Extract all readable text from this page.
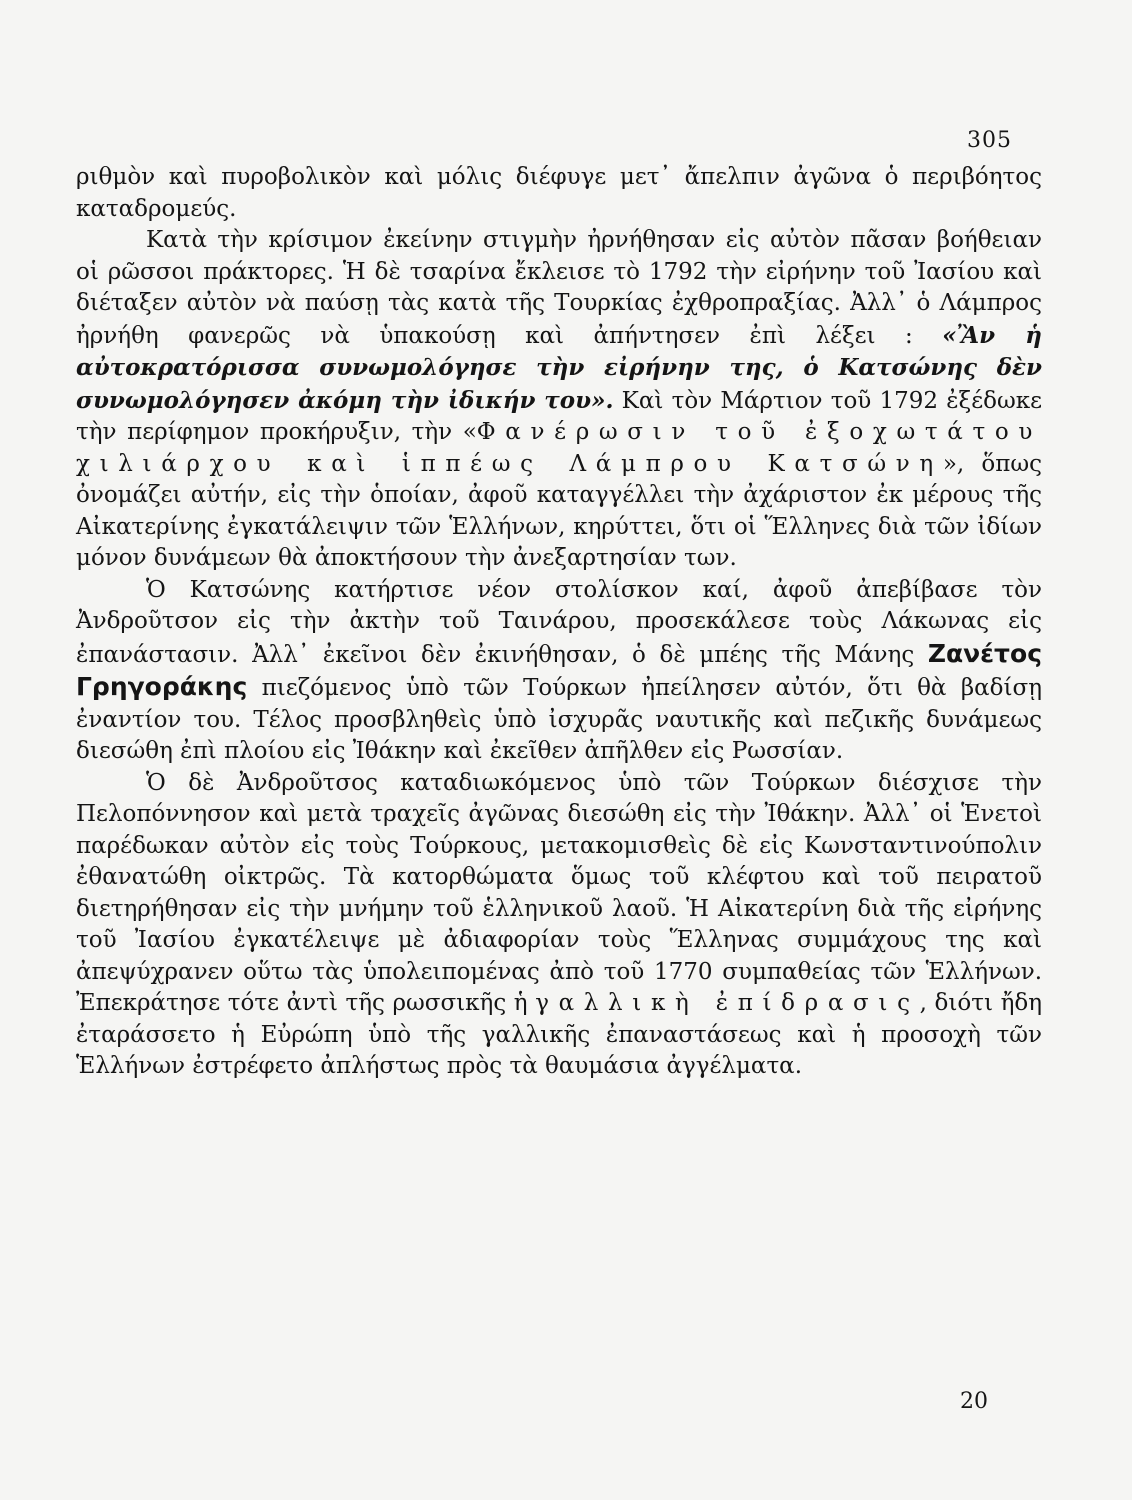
305

ριθμὸν καὶ πυροβολικὸν καὶ μόλις διέφυγε μετ᾽ ἄπελπιν ἀγῶνα ὁ περιβόητος καταδρομεύς.

Κατὰ τὴν κρίσιμον ἐκείνην στιγμὴν ἠρνήθησαν εἰς αὐτὸν πᾶσαν βοήθειαν οἱ ρῶσσοι πράκτορες. Ἡ δὲ τσαρίνα ἔκλεισε τὸ 1792 τὴν εἰρήνην τοῦ Ἰασίου καὶ διέταξεν αὐτὸν νὰ παύσῃ τὰς κατὰ τῆς Τουρκίας ἐχθροπραξίας. Ἀλλ᾽ ὁ Λάμπρος ἠρνήθη φανερῶς νὰ ὑπακούσῃ καὶ ἀπήντησεν ἐπὶ λέξει : «Ἂν ἡ αὐτοκρατόρισσα συνωμολόγησε τὴν εἰρήνην της, ὁ Κατσώνης δὲν συνωμολόγησεν ἀκόμη τὴν ἰδικήν του». Καὶ τὸν Μάρτιον τοῦ 1792 ἐξέδωκε τὴν περίφημον προκήρυξιν, τὴν «Φανέρωσιν τοῦ ἐξοχωτάτου χιλιάρχου καὶ ἱππέως Λάμπρου Κατσώνη», ὅπως ὀνομάζει αὐτήν, εἰς τὴν ὁποίαν, ἀφοῦ καταγγέλλει τὴν ἀχάριστον ἐκ μέρους τῆς Αἰκατερίνης ἐγκατάλειψιν τῶν Ἑλλήνων, κηρύττει, ὅτι οἱ Ἕλληνες διὰ τῶν ἰδίων μόνον δυνάμεων θὰ ἀποκτήσουν τὴν ἀνεξαρτησίαν των.

Ὁ Κατσώνης κατήρτισε νέον στολίσκον καί, ἀφοῦ ἀπεβίβασε τὸν Ἀνδροῦτσον εἰς τὴν ἀκτὴν τοῦ Ταινάρου, προσεκάλεσε τοὺς Λάκωνας εἰς ἐπανάστασιν. Ἀλλ᾽ ἐκεῖνοι δὲν ἐκινήθησαν, ὁ δὲ μπέης τῆς Μάνης Ζανέτος Γρηγοράκης πιεζόμενος ὑπὸ τῶν Τούρκων ἠπείλησεν αὐτόν, ὅτι θὰ βαδίσῃ ἐναντίον του. Τέλος προσβληθεὶς ὑπὸ ἰσχυρᾶς ναυτικῆς καὶ πεζικῆς δυνάμεως διεσώθη ἐπὶ πλοίου εἰς Ἰθάκην καὶ ἐκεῖθεν ἀπῆλθεν εἰς Ρωσσίαν.

Ὁ δὲ Ἀνδροῦτσος καταδιωκόμενος ὑπὸ τῶν Τούρκων διέσχισε τὴν Πελοπόννησον καὶ μετὰ τραχεῖς ἀγῶνας διεσώθη εἰς τὴν Ἰθάκην. Ἀλλ᾽ οἱ Ἑνετοὶ παρέδωκαν αὐτὸν εἰς τοὺς Τούρκους, μετακομισθεὶς δὲ εἰς Κωνσταντινούπολιν ἐθανατώθη οἰκτρῶς. Τὰ κατορθώματα ὅμως τοῦ κλέφτου καὶ τοῦ πειρατοῦ διετηρήθησαν εἰς τὴν μνήμην τοῦ ἑλληνικοῦ λαοῦ. Ἡ Αἰκατερίνη διὰ τῆς εἰρήνης τοῦ Ἰασίου ἐγκατέλειψε μὲ ἀδιαφορίαν τοὺς Ἕλληνας συμμάχους της καὶ ἀπεψύχρανεν οὕτω τὰς ὑπολειπομένας ἀπὸ τοῦ 1770 συμπαθείας τῶν Ἑλλήνων. Ἐπεκράτησε τότε ἀντὶ τῆς ρωσσικῆς ἡ γαλλικὴ ἐπίδρασις, διότι ἤδη ἐταράσσετο ἡ Εὐρώπη ὑπὸ τῆς γαλλικῆς ἐπαναστάσεως καὶ ἡ προσοχὴ τῶν Ἑλλήνων ἐστρέφετο ἀπλήστως πρὸς τὰ θαυμάσια ἀγγέλματα.

20
